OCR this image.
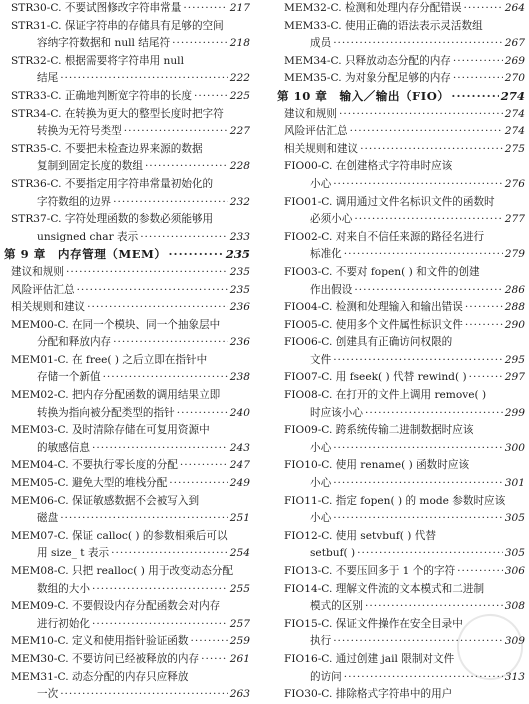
STR30-C. 不要试图修改字符串常量 ·····	217
STR31-C. 保证字符串的存储具有足够的空间
容纳字符数据和 null 结尾符 ·····	218
STR32-C. 根据需要将字符串用 null
结尾 ·····	222
STR33-C. 正确地判断宽字符串的长度 ·····	225
STR34-C. 在转换为更大的整型长度时把字符
转换为无符号类型 ·····	227
STR35-C. 不要把未检查边界来源的数据
复制到固定长度的数组 ·····	228
STR36-C. 不要指定用字符串常量初始化的
字符数组的边界 ·····	232
STR37-C. 字符处理函数的参数必须能够用
unsigned char 表示 ·····	233
第 9 章　内存管理（MEM） ·····	235
建议和规则 ·····	235
风险评估汇总 ·····	235
相关规则和建议 ·····	236
MEM00-C. 在同一个模块、同一个抽象层中
分配和释放内存 ·····	236
MEM01-C. 在 free( ) 之后立即在指针中
存储一个新值 ·····	238
MEM02-C. 把内存分配函数的调用结果立即
转换为指向被分配类型的指针 ·····	240
MEM03-C. 及时清除存储在可复用资源中
的敏感信息 ·····	243
MEM04-C. 不要执行零长度的分配 ·····	247
MEM05-C. 避免大型的堆栈分配 ·····	249
MEM06-C. 保证敏感数据不会被写入到
磁盘 ·····	251
MEM07-C. 保证 calloc( ) 的参数相乘后可以
用 size_ t 表示 ·····	254
MEM08-C. 只把 realloc( ) 用于改变动态分配
数组的大小 ·····	255
MEM09-C. 不要假设内存分配函数会对内存
进行初始化 ·····	257
MEM10-C. 定义和使用指针验证函数 ·····	259
MEM30-C. 不要访问已经被释放的内存 ·····	261
MEM31-C. 动态分配的内存只应释放
一次 ·····	263
MEM32-C. 检测和处理内存分配错误 ·····	264
MEM33-C. 使用正确的语法表示灵活数组
成员 ·····	267
MEM34-C. 只释放动态分配的内存 ·····	269
MEM35-C. 为对象分配足够的内存 ·····	270
第 10 章　输入／输出（FIO） ·····	274
建议和规则 ·····	274
风险评估汇总 ·····	274
相关规则和建议 ·····	275
FIO00-C. 在创建格式字符串时应该
小心 ·····	276
FIO01-C. 调用通过文件名标识文件的函数时
必须小心 ·····	277
FIO02-C. 对来自不信任来源的路径名进行
标准化 ·····	279
FIO03-C. 不要对 fopen( ) 和文件的创建
作出假设 ·····	286
FIO04-C. 检测和处理输入和输出错误 ·····	288
FIO05-C. 使用多个文件属性标识文件 ·····	290
FIO06-C. 创建具有正确访问权限的
文件 ·····	295
FIO07-C. 用 fseek( ) 代替 rewind( ) ·····	297
FIO08-C. 在打开的文件上调用 remove( )
时应该小心 ·····	299
FIO09-C. 跨系统传输二进制数据时应该
小心 ·····	300
FIO10-C. 使用 rename( ) 函数时应该
小心 ·····	301
FIO11-C. 指定 fopen( ) 的 mode 参数时应该
小心 ·····	305
FIO12-C. 使用 setvbuf( ) 代替
setbuf( ) ·····	305
FIO13-C. 不要压回多于 1 个的字符 ·····	306
FIO14-C. 理解文件流的文本模式和二进制
模式的区别 ·····	308
FIO15-C. 保证文件操作在安全目录中
执行 ·····	309
FIO16-C. 通过创建 jail 限制对文件
的访问 ·····	313
FIO30-C. 排除格式字符串中的用户
